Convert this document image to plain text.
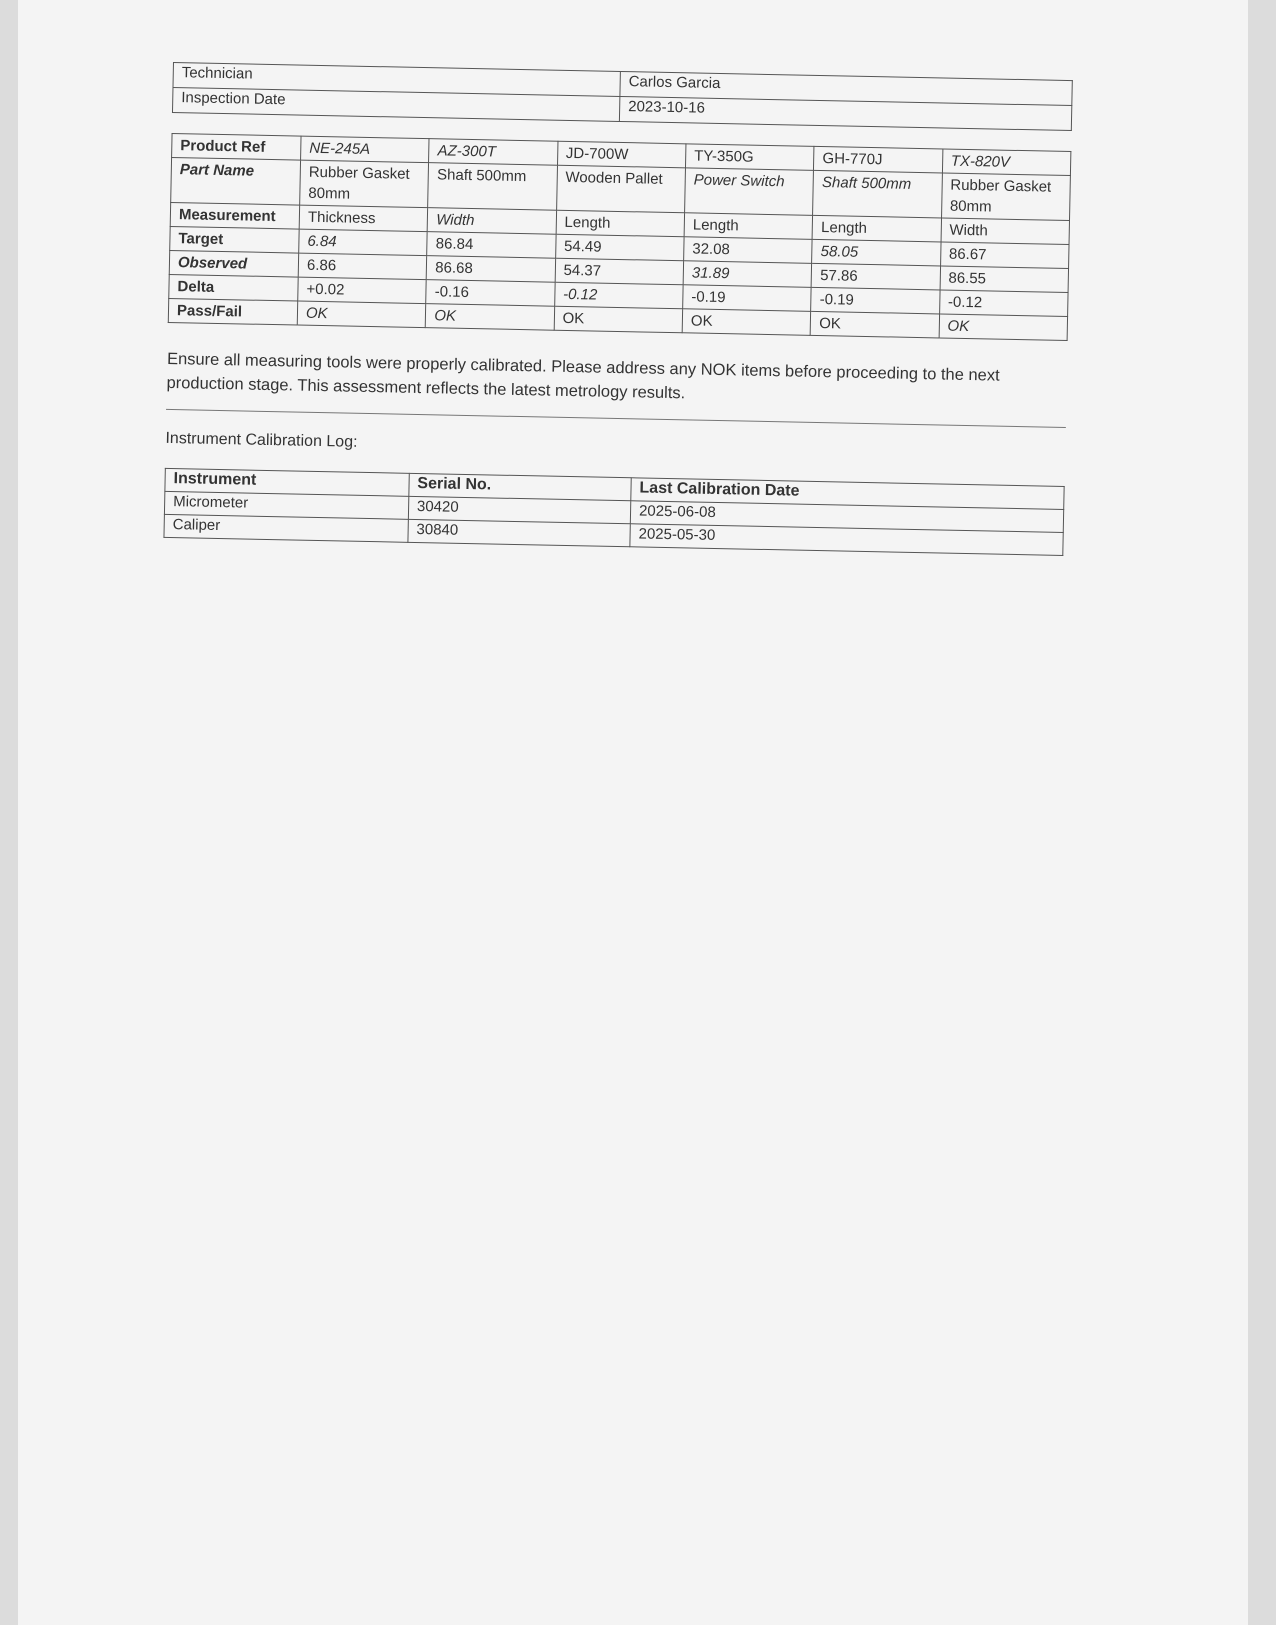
Technician	Carlos Garcia
Inspection Date	2023-10-16
Product Ref	NE-245A	AZ-300T	JD-700W	TY-350G	GH-770J	TX-820V
Part Name	Rubber Gasket 80mm	Shaft 500mm	Wooden Pallet	Power Switch	Shaft 500mm	Rubber Gasket 80mm
Measurement	Thickness	Width	Length	Length	Length	Width
Target	6.84	86.84	54.49	32.08	58.05	86.67
Observed	6.86	86.68	54.37	31.89	57.86	86.55
Delta	+0.02	-0.16	-0.12	-0.19	-0.19	-0.12
Pass/Fail	OK	OK	OK	OK	OK	OK
Ensure all measuring tools were properly calibrated. Please address any NOK items before proceeding to the next production stage. This assessment reflects the latest metrology results.
Instrument Calibration Log:
Instrument	Serial No.	Last Calibration Date
Micrometer	30420	2025-06-08
Caliper	30840	2025-05-30
